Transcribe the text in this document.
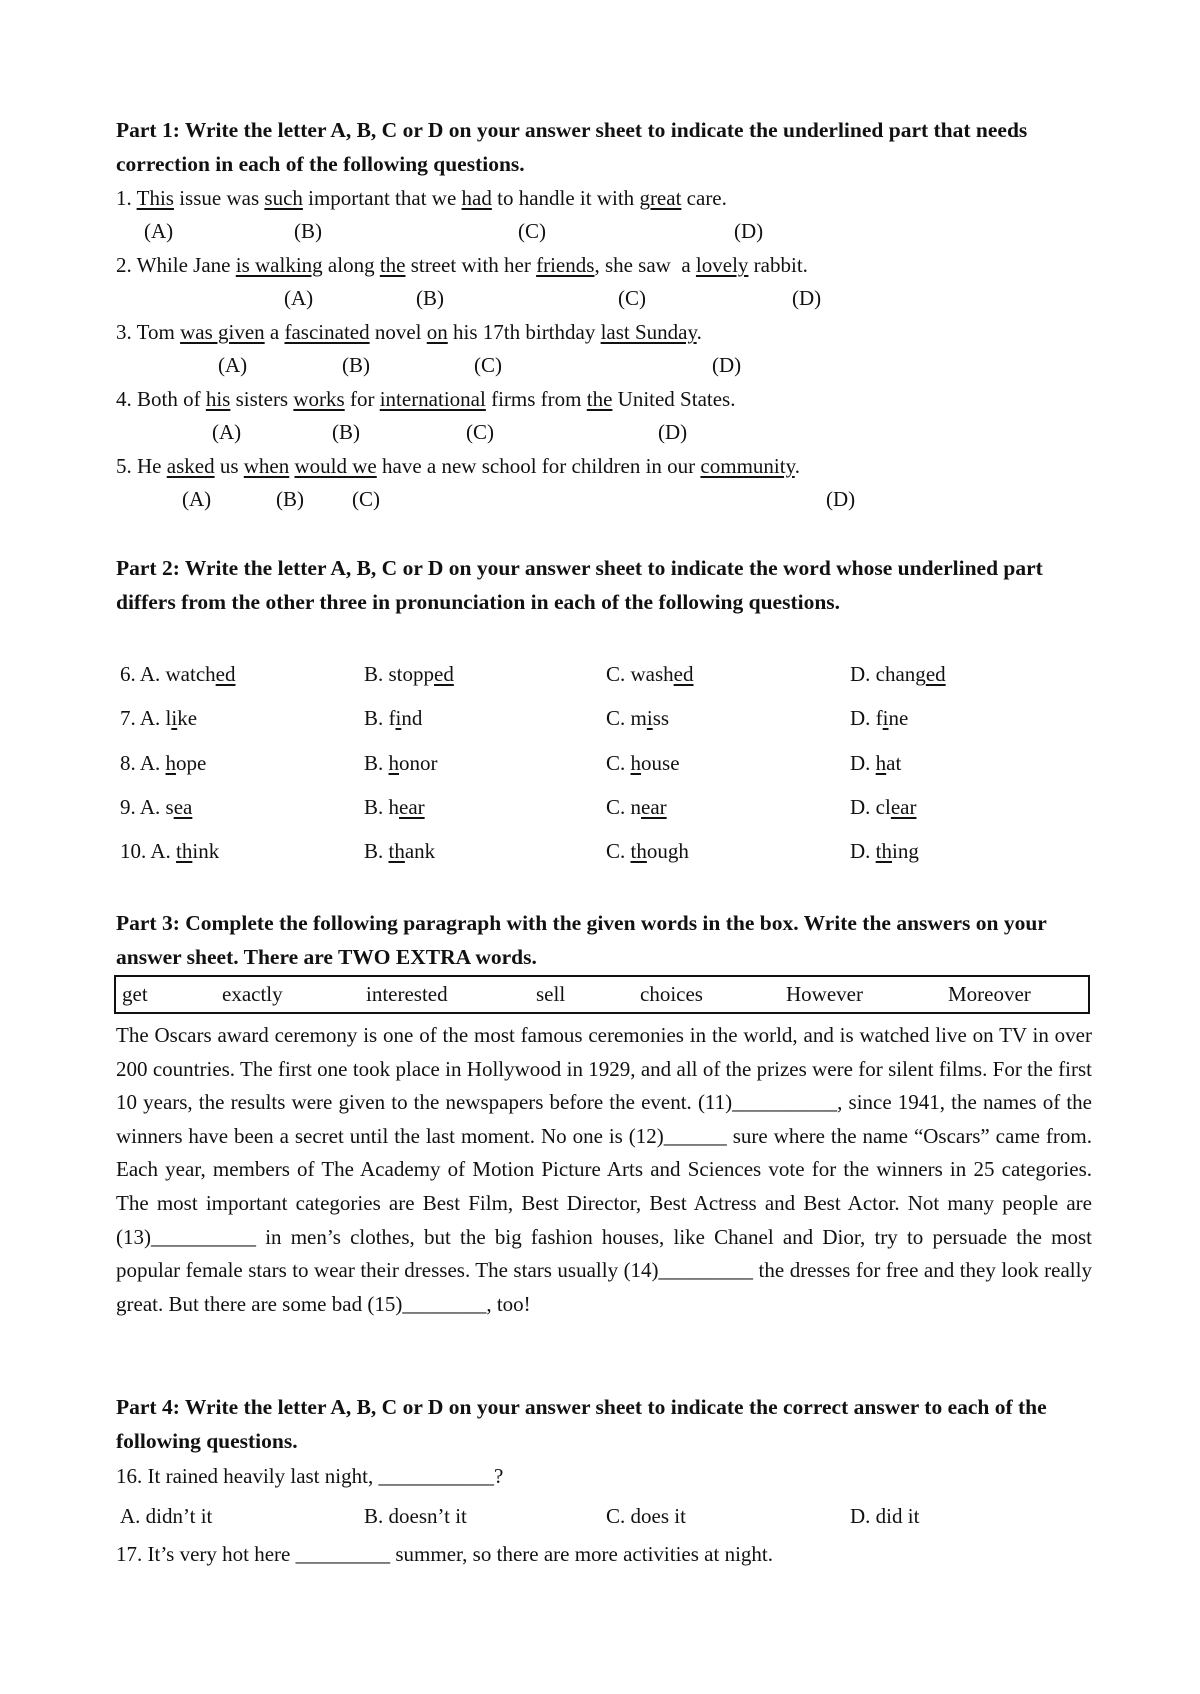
Part 1: Write the letter A, B, C or D on your answer sheet to indicate the underlined part that needs correction in each of the following questions.
1. This issue was such important that we had to handle it with great care.
(A)	(B)	(C)	(D)
2. While Jane is walking along the street with her friends, she saw  a lovely rabbit.
(A)	(B)	(C)	(D)
3. Tom was given a fascinated novel on his 17th birthday last Sunday.
(A)	(B)	(C)	(D)
4. Both of his sisters works for international firms from the United States.
(A)	(B)	(C)	(D)
5. He asked us when would we have a new school for children in our community.
(A)	(B) (C)	(D)
Part 2: Write the letter A, B, C or D on your answer sheet to indicate the word whose underlined part differs from the other three in pronunciation in each of the following questions.
6. A. watched	B. stopped	C. washed	D. changed
7. A. like	B. find	C. miss	D. fine
8. A. hope	B. honor	C. house	D. hat
9. A. sea	B. hear	C. near	D. clear
10. A. think	B. thank	C. though	D. thing
Part 3: Complete the following paragraph with the given words in the box. Write the answers on your answer sheet. There are TWO EXTRA words.
get	exactly	interested	sell	choices	However	Moreover
The Oscars award ceremony is one of the most famous ceremonies in the world, and is watched live on TV in over 200 countries. The first one took place in Hollywood in 1929, and all of the prizes were for silent films. For the first 10 years, the results were given to the newspapers before the event. (11)__________, since 1941, the names of the winners have been a secret until the last moment. No one is (12)______ sure where the name “Oscars” came from. Each year, members of The Academy of Motion Picture Arts and Sciences vote for the winners in 25 categories. The most important categories are Best Film, Best Director, Best Actress and Best Actor. Not many people are (13)__________ in men’s clothes, but the big fashion houses, like Chanel and Dior, try to persuade the most popular female stars to wear their dresses. The stars usually (14)_________ the dresses for free and they look really great. But there are some bad (15)________, too!
Part 4: Write the letter A, B, C or D on your answer sheet to indicate the correct answer to each of the following questions.
16. It rained heavily last night, ___________?
A. didn’t it	B. doesn’t it	C. does it	D. did it
17. It’s very hot here _________ summer, so there are more activities at night.
